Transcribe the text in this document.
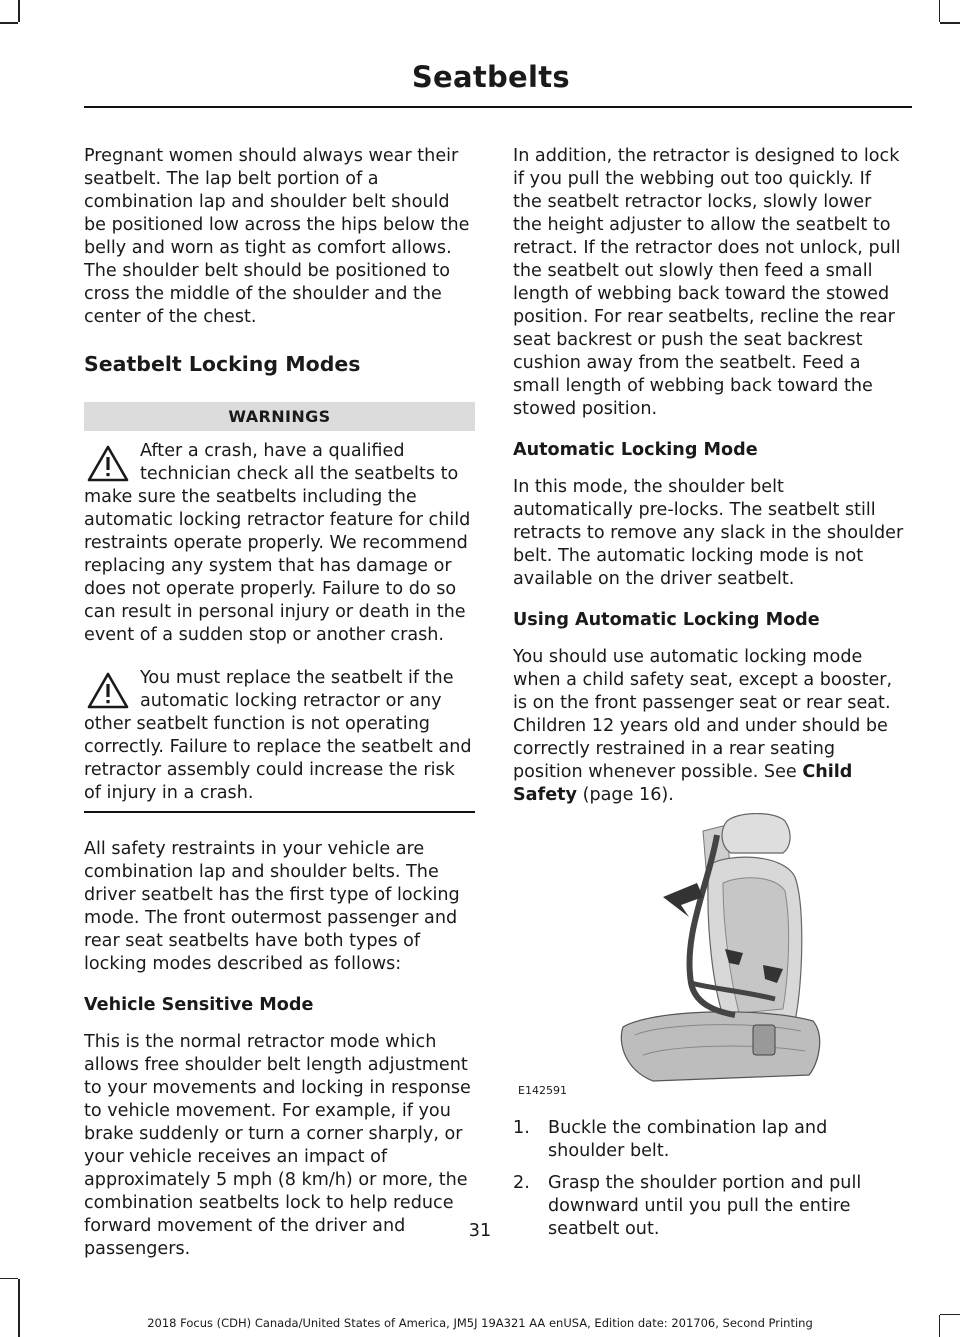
Seatbelts

Pregnant women should always wear their seatbelt. The lap belt portion of a combination lap and shoulder belt should be positioned low across the hips below the belly and worn as tight as comfort allows. The shoulder belt should be positioned to cross the middle of the shoulder and the center of the chest.

Seatbelt Locking Modes
WARNINGS
After a crash, have a qualified technician check all the seatbelts to make sure the seatbelts including the automatic locking retractor feature for child restraints operate properly. We recommend replacing any system that has damage or does not operate properly. Failure to do so can result in personal injury or death in the event of a sudden stop or another crash.
You must replace the seatbelt if the automatic locking retractor or any other seatbelt function is not operating correctly. Failure to replace the seatbelt and retractor assembly could increase the risk of injury in a crash.

All safety restraints in your vehicle are combination lap and shoulder belts. The driver seatbelt has the first type of locking mode. The front outermost passenger and rear seat seatbelts have both types of locking modes described as follows:

Vehicle Sensitive Mode

This is the normal retractor mode which allows free shoulder belt length adjustment to your movements and locking in response to vehicle movement. For example, if you brake suddenly or turn a corner sharply, or your vehicle receives an impact of approximately 5 mph (8 km/h) or more, the combination seatbelts lock to help reduce forward movement of the driver and passengers.

In addition, the retractor is designed to lock if you pull the webbing out too quickly. If the seatbelt retractor locks, slowly lower the height adjuster to allow the seatbelt to retract. If the retractor does not unlock, pull the seatbelt out slowly then feed a small length of webbing back toward the stowed position. For rear seatbelts, recline the rear seat backrest or push the seat backrest cushion away from the seatbelt. Feed a small length of webbing back toward the stowed position.

Automatic Locking Mode

In this mode, the shoulder belt automatically pre-locks. The seatbelt still retracts to remove any slack in the shoulder belt. The automatic locking mode is not available on the driver seatbelt.

Using Automatic Locking Mode

You should use automatic locking mode when a child safety seat, except a booster, is on the front passenger seat or rear seat. Children 12 years old and under should be correctly restrained in a rear seating position whenever possible. See Child Safety (page 16).

E142591
1.	Buckle the combination lap and shoulder belt.
2.	Grasp the shoulder portion and pull downward until you pull the entire seatbelt out.
31
2018 Focus (CDH) Canada/United States of America, JM5J 19A321 AA enUSA, Edition date: 201706, Second Printing
